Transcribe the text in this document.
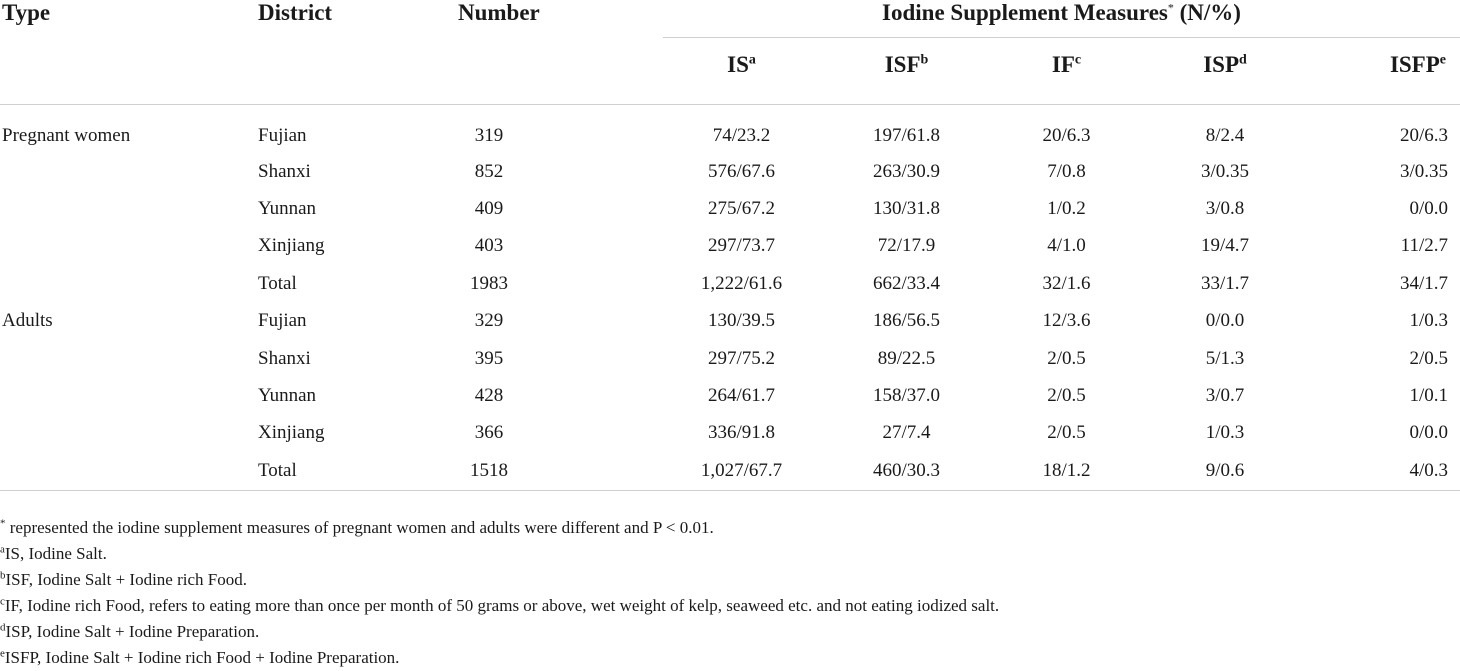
Type	District	Number	Iodine Supplement Measures* (N/%)				
			$IS^a$	ISF$^b$	$IF^c$	ISP$^d$	ISFP$^e$
Pregnant women	Fujian	319	74/23.2	197/61.8	20/6.3	8/2.4	20/6.3
	Shanxi	852	576/67.6	263/30.9	7/0.8	3/0.35	3/0.35
	Yunnan	409	275/67.2	130/31.8	1/0.2	3/0.8	0/0.0
	Xinjiang	403	297/73.7	72/17.9	4/1.0	19/4.7	11/2.7
	Total	1983	1,222/61.6	662/33.4	32/1.6	33/1.7	34/1.7
Adults	Fujian	329	130/39.5	186/56.5	12/3.6	0/0.0	1/0.3
	Shanxi	395	297/75.2	89/22.5	2/0.5	5/1.3	2/0.5
	Yunnan	428	264/61.7	158/37.0	2/0.5	3/0.7	1/0.1
	Xinjiang	366	336/91.8	27/7.4	2/0.5	1/0.3	0/0.0
	Total	1518	1,027/67.7	460/30.3	18/1.2	9/0.6	4/0.3
* represented the iodine supplement measures of pregnant women and adults were different and P < 0.01.
$^a$IS, Iodine Salt.
$^b$ISF, Iodine Salt + Iodine rich Food.
$^c$IF, Iodine rich Food, refers to eating more than once per month of 50 grams or above, wet weight of kelp, seaweed etc. and not eating iodized salt.
$^d$ISP, Iodine Salt + Iodine Preparation.
$^e$ISFP, Iodine Salt + Iodine rich Food + Iodine Preparation.
